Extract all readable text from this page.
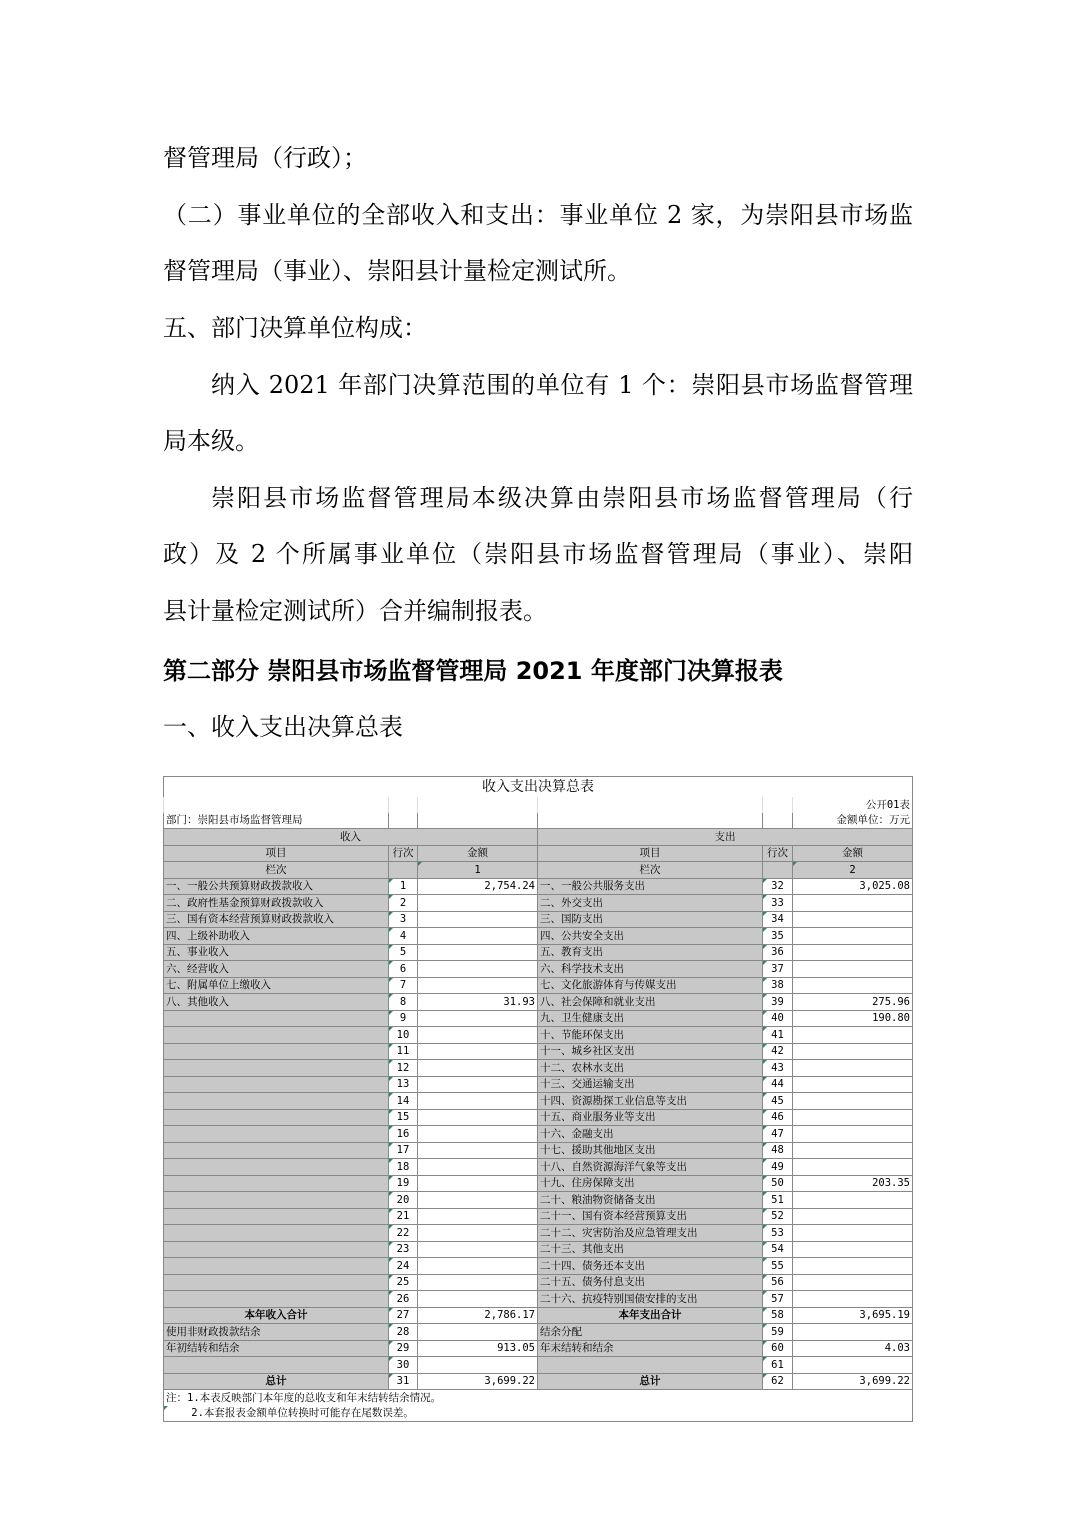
督管理局（行政）；

（二）事业单位的全部收入和支出：事业单位 2 家，为崇阳县市场监

督管理局（事业）、崇阳县计量检定测试所。

五、部门决算单位构成：

纳入 2021 年部门决算范围的单位有 1 个：崇阳县市场监督管理

局本级。

崇阳县市场监督管理局本级决算由崇阳县市场监督管理局（行

政）及 2 个所属事业单位（崇阳县市场监督管理局（事业）、崇阳

县计量检定测试所）合并编制报表。

第二部分 崇阳县市场监督管理局 2021 年度部门决算报表
一、收入支出决算总表
收入支出决算总表					
					公开01表
部门：崇阳县市场监督管理局					金额单位：万元
收入			支出		
项目	行次	金额	项目	行次	金额
栏次		1	栏次		2
一、一般公共预算财政拨款收入	1	2,754.24	一、一般公共服务支出	32	3,025.08
二、政府性基金预算财政拨款收入	2		二、外交支出	33	
三、国有资本经营预算财政拨款收入	3		三、国防支出	34	
四、上级补助收入	4		四、公共安全支出	35	
五、事业收入	5		五、教育支出	36	
六、经营收入	6		六、科学技术支出	37	
七、附属单位上缴收入	7		七、文化旅游体育与传媒支出	38	
八、其他收入	8	31.93	八、社会保障和就业支出	39	275.96
	9		九、卫生健康支出	40	190.80
	10		十、节能环保支出	41	
	11		十一、城乡社区支出	42	
	12		十二、农林水支出	43	
	13		十三、交通运输支出	44	
	14		十四、资源勘探工业信息等支出	45	
	15		十五、商业服务业等支出	46	
	16		十六、金融支出	47	
	17		十七、援助其他地区支出	48	
	18		十八、自然资源海洋气象等支出	49	
	19		十九、住房保障支出	50	203.35
	20		二十、粮油物资储备支出	51	
	21		二十一、国有资本经营预算支出	52	
	22		二十二、灾害防治及应急管理支出	53	
	23		二十三、其他支出	54	
	24		二十四、债务还本支出	55	
	25		二十五、债务付息支出	56	
	26		二十六、抗疫特别国债安排的支出	57	
本年收入合计	27	2,786.17	本年支出合计	58	3,695.19
使用非财政拨款结余	28		结余分配	59	
年初结转和结余	29	913.05	年末结转和结余	60	4.03
	30			61	
总计	31	3,699.22	总计	62	3,699.22
注：1.本表反映部门本年度的总收支和年末结转结余情况。					
2.本套报表金额单位转换时可能存在尾数误差。					
